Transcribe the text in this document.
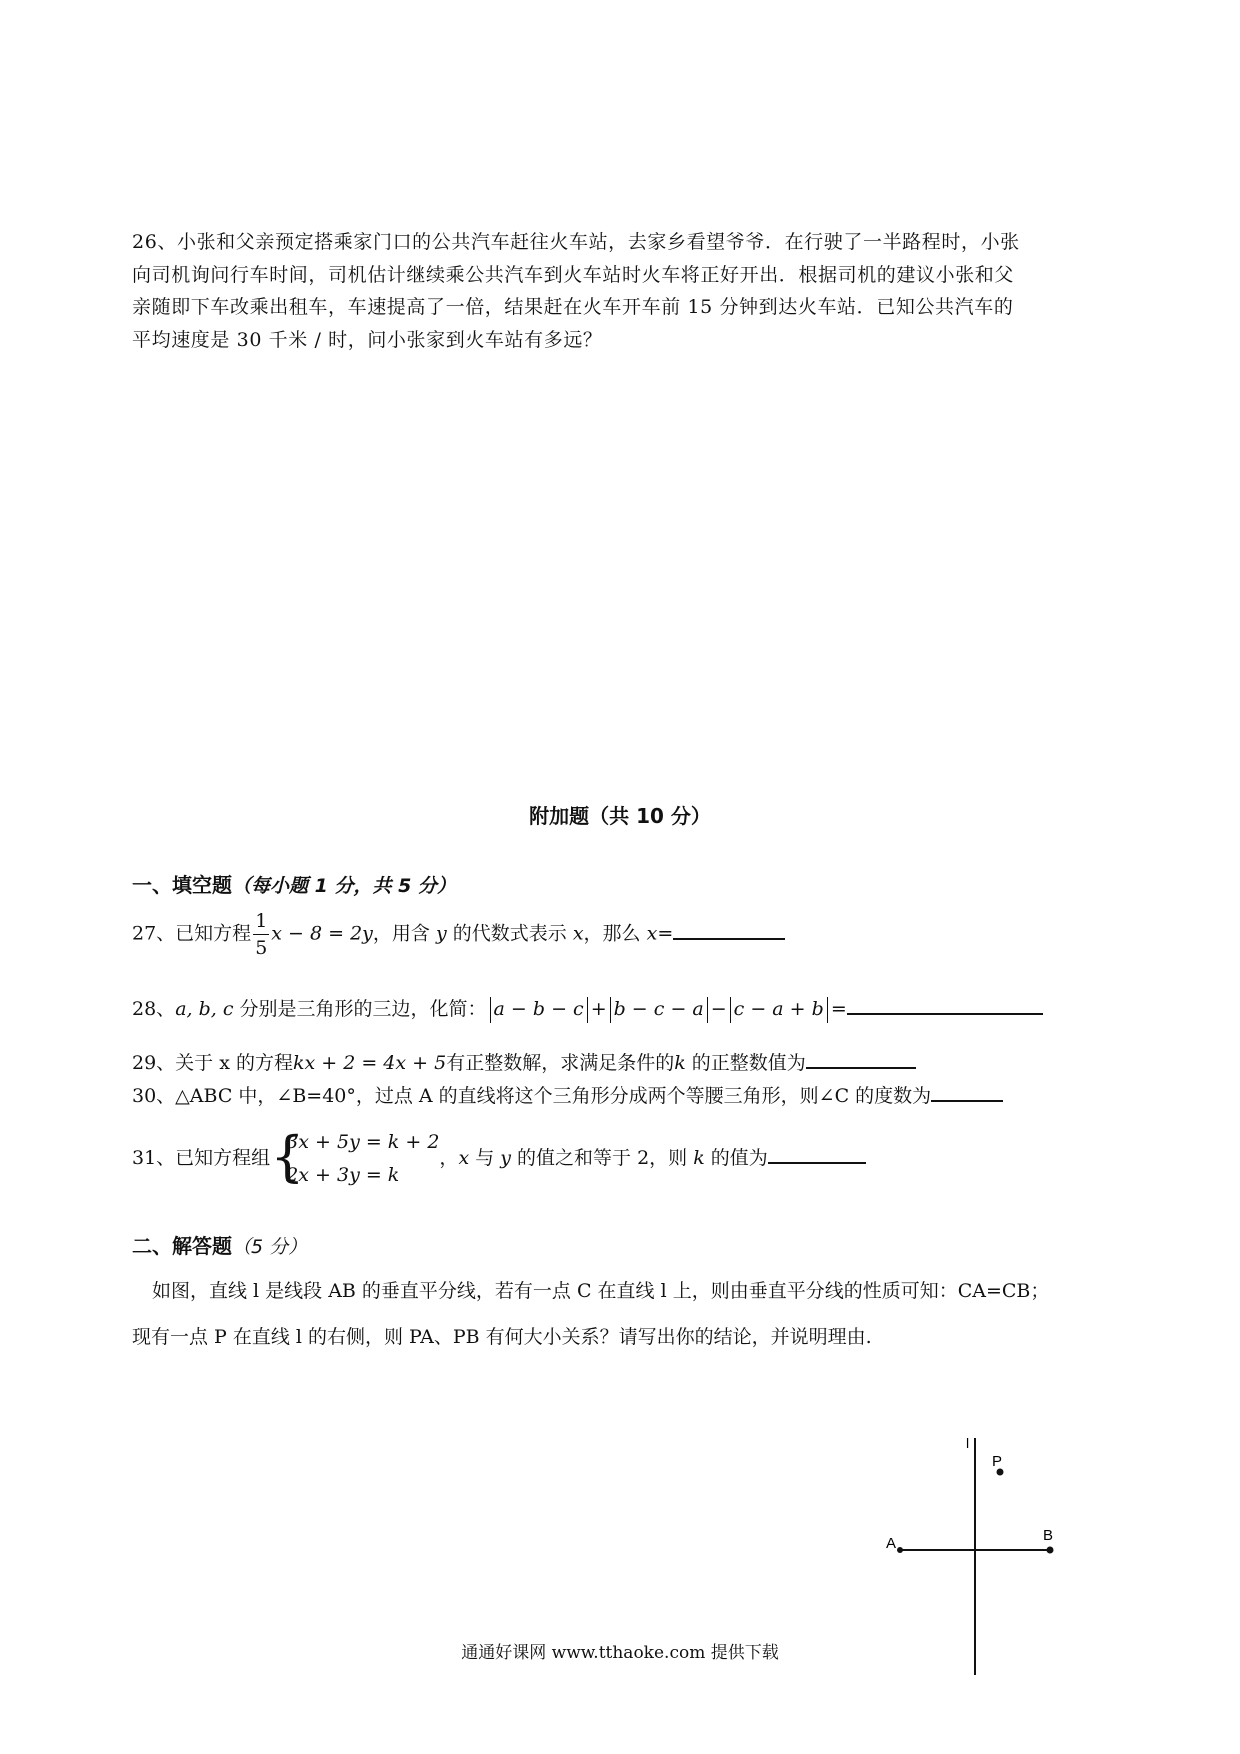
26、小张和父亲预定搭乘家门口的公共汽车赶往火车站，去家乡看望爷爷．在行驶了一半路程时，小张
向司机询问行车时间，司机估计继续乘公共汽车到火车站时火车将正好开出．根据司机的建议小张和父
亲随即下车改乘出租车，车速提高了一倍，结果赶在火车开车前 15 分钟到达火车站．已知公共汽车的
平均速度是 30 千米 / 时，问小张家到火车站有多远？
附加题（共 10 分）
一、填空题（每小题 1 分，共 5 分）
27、已知方程 $\frac{1}{5}$ x − 8 = 2y，用含 y 的代数式表示 x，那么 x=
28、a, b, c 分别是三角形的三边，化简： a − b − c + b − c − a − c − a + b =
29、关于 x 的方程kx + 2 = 4x + 5有正整数解，求满足条件的k 的正整数值为
30、△ABC 中，∠B=40°，过点 A 的直线将这个三角形分成两个等腰三角形，则∠C 的度数为
31、已知方程组 {
3x + 5y = k + 2
2x + 3y = k
，x 与 y 的值之和等于 2，则 k 的值为
二、解答题（5 分）
如图，直线 l 是线段 AB 的垂直平分线，若有一点 C 在直线 l 上，则由垂直平分线的性质可知：CA=CB；
现有一点 P 在直线 l 的右侧，则 PA、PB 有何大小关系？请写出你的结论，并说明理由.
l
P
A	B
通通好课网 www.tthaoke.com 提供下载
